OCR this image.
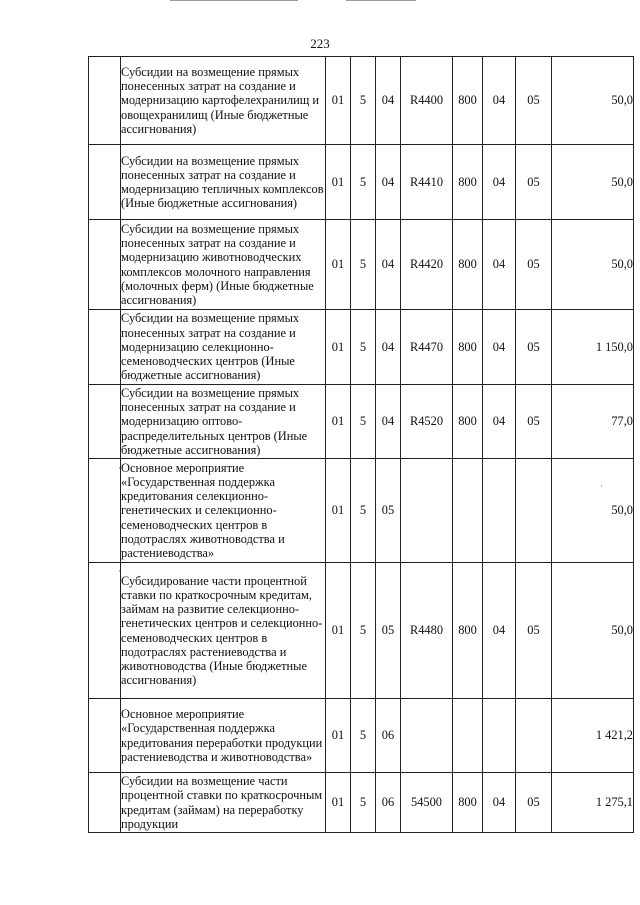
223
	Субсидии на возмещение прямых понесенных затрат на создание и модернизацию картофелехранилищ и овощехранилищ (Иные бюджетные ассигнования)	01	5	04	R4400	800	04	05	50,0
	Субсидии на возмещение прямых понесенных затрат на создание и модернизацию тепличных комплексов (Иные бюджетные ассигнования)	01	5	04	R4410	800	04	05	50,0
	Субсидии на возмещение прямых понесенных затрат на создание и модернизацию животноводческих комплексов молочного направления (молочных ферм) (Иные бюджетные ассигнования)	01	5	04	R4420	800	04	05	50,0
	Субсидии на возмещение прямых понесенных затрат на создание и модернизацию селекционно-семеноводческих центров (Иные бюджетные ассигнования)	01	5	04	R4470	800	04	05	1 150,0
	Субсидии на возмещение прямых понесенных затрат на создание и модернизацию оптово-распределительных центров (Иные бюджетные ассигнования)	01	5	04	R4520	800	04	05	77,0
	Основное мероприятие «Государственная поддержка кредитования селекционно-генетических и селекционно-семеноводческих центров в подотраслях животноводства и растениеводства»	01	5	05					50,0
	Субсидирование части процентной ставки по краткосрочным кредитам, займам на развитие селекционно-генетических центров и селекционно-семеноводческих центров в подотраслях растениеводства и животноводства (Иные бюджетные ассигнования)	01	5	05	R4480	800	04	05	50,0
	Основное мероприятие «Государственная поддержка кредитования переработки продукции растениеводства и животноводства»	01	5	06					1 421,2
	Субсидии на возмещение части процентной ставки по краткосрочным кредитам (займам) на переработку продукции	01	5	06	54500	800	04	05	1 275,1
·
·
·
